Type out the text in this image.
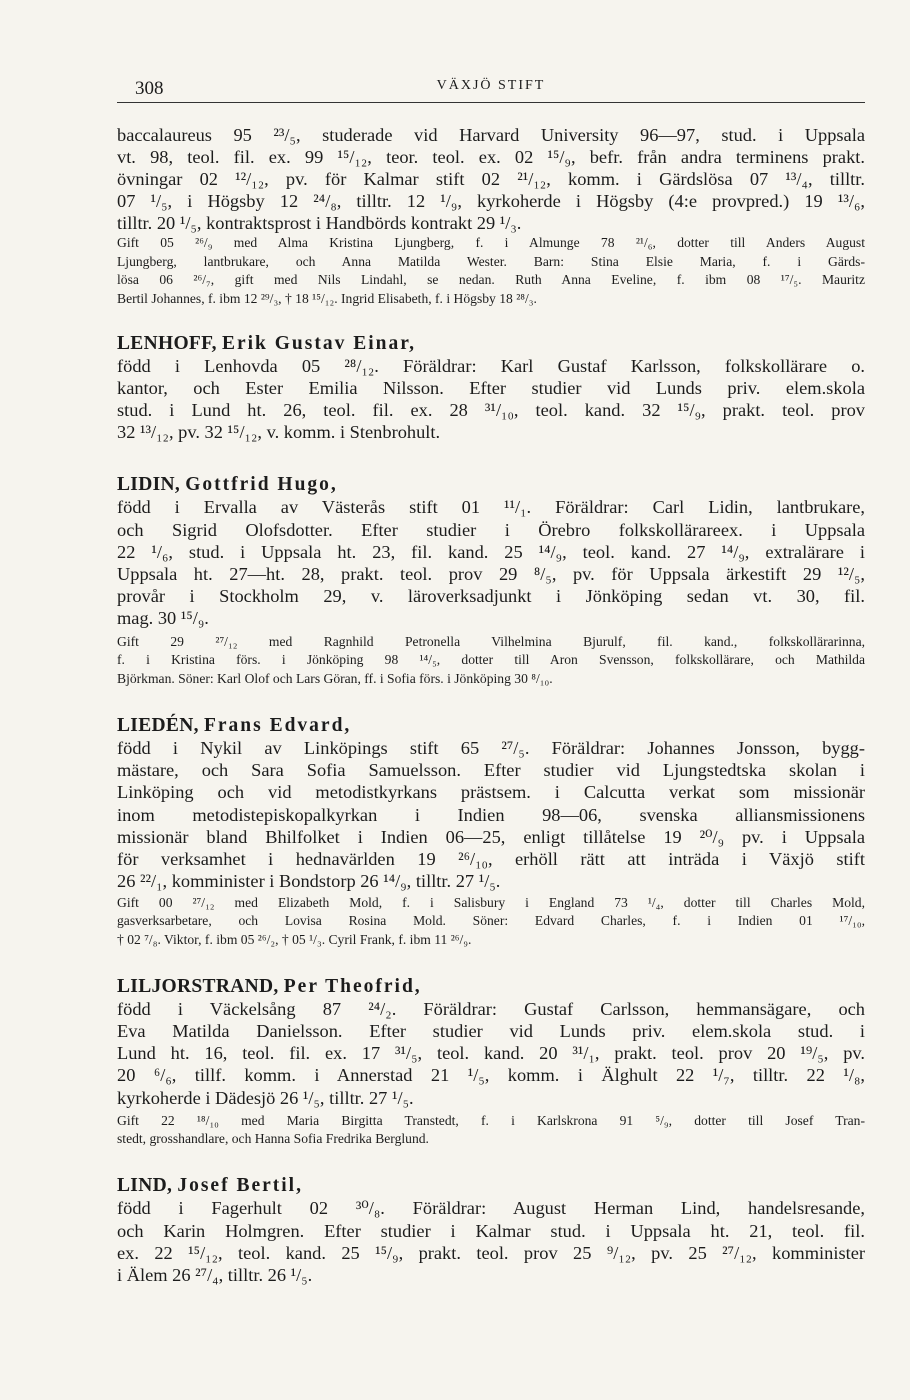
308	VÄXJÖ STIFT
baccalaureus 95 ²³/₅, studerade vid Harvard University 96—97, stud. i Uppsala
vt. 98, teol. fil. ex. 99 ¹⁵/₁₂, teor. teol. ex. 02 ¹⁵/₉, befr. från andra terminens prakt.
övningar 02 ¹²/₁₂, pv. för Kalmar stift 02 ²¹/₁₂, komm. i Gärdslösa 07 ¹³/₄, tilltr.
07 ¹/₅, i Högsby 12 ²⁴/₈, tilltr. 12 ¹/₉, kyrkoherde i Högsby (4:e provpred.) 19 ¹³/₆,
tilltr. 20 ¹/₅, kontraktsprost i Handbörds kontrakt 29 ¹/₃.
Gift 05 ²⁶/₉ med Alma Kristina Ljungberg, f. i Almunge 78 ²¹/₆, dotter till Anders August
Ljungberg, lantbrukare, och Anna Matilda Wester. Barn: Stina Elsie Maria, f. i Gärds-
lösa 06 ²⁶/₇, gift med Nils Lindahl, se nedan. Ruth Anna Eveline, f. ibm 08 ¹⁷/₅. Mauritz
Bertil Johannes, f. ibm 12 ²⁹/₃, † 18 ¹⁵/₁₂. Ingrid Elisabeth, f. i Högsby 18 ²⁸/₃.
LENHOFF, Erik Gustav Einar,
född i Lenhovda 05 ²⁸/₁₂. Föräldrar: Karl Gustaf Karlsson, folkskollärare o.
kantor, och Ester Emilia Nilsson. Efter studier vid Lunds priv. elem.skola
stud. i Lund ht. 26, teol. fil. ex. 28 ³¹/₁₀, teol. kand. 32 ¹⁵/₉, prakt. teol. prov
32 ¹³/₁₂, pv. 32 ¹⁵/₁₂, v. komm. i Stenbrohult.
LIDIN, Gottfrid Hugo,
född i Ervalla av Västerås stift 01 ¹¹/₁. Föräldrar: Carl Lidin, lantbrukare,
och Sigrid Olofsdotter. Efter studier i Örebro folkskollärareex. i Uppsala
22 ¹/₆, stud. i Uppsala ht. 23, fil. kand. 25 ¹⁴/₉, teol. kand. 27 ¹⁴/₉, extralärare i
Uppsala ht. 27—ht. 28, prakt. teol. prov 29 ⁸/₅, pv. för Uppsala ärkestift 29 ¹²/₅,
provår i Stockholm 29, v. läroverksadjunkt i Jönköping sedan vt. 30, fil.
mag. 30 ¹⁵/₉.
Gift 29 ²⁷/₁₂ med Ragnhild Petronella Vilhelmina Bjurulf, fil. kand., folkskollärarinna,
f. i Kristina förs. i Jönköping 98 ¹⁴/₅, dotter till Aron Svensson, folkskollärare, och Mathilda
Björkman. Söner: Karl Olof och Lars Göran, ff. i Sofia förs. i Jönköping 30 ⁸/₁₀.
LIEDÉN, Frans Edvard,
född i Nykil av Linköpings stift 65 ²⁷/₅. Föräldrar: Johannes Jonsson, bygg-
mästare, och Sara Sofia Samuelsson. Efter studier vid Ljungstedtska skolan i
Linköping och vid metodistkyrkans prästsem. i Calcutta verkat som missionär
inom metodistepiskopalkyrkan i Indien 98—06, svenska alliansmissionens
missionär bland Bhilfolket i Indien 06—25, enligt tillåtelse 19 ²⁰/₉ pv. i Uppsala
för verksamhet i hednavärlden 19 ²⁶/₁₀, erhöll rätt att inträda i Växjö stift
26 ²²/₁, komminister i Bondstorp 26 ¹⁴/₉, tilltr. 27 ¹/₅.
Gift 00 ²⁷/₁₂ med Elizabeth Mold, f. i Salisbury i England 73 ¹/₄, dotter till Charles Mold,
gasverksarbetare, och Lovisa Rosina Mold. Söner: Edvard Charles, f. i Indien 01 ¹⁷/₁₀,
† 02 ⁷/₈. Viktor, f. ibm 05 ²⁶/₂, † 05 ¹/₃. Cyril Frank, f. ibm 11 ²⁶/₉.
LILJORSTRAND, Per Theofrid,
född i Väckelsång 87 ²⁴/₂. Föräldrar: Gustaf Carlsson, hemmansägare, och
Eva Matilda Danielsson. Efter studier vid Lunds priv. elem.skola stud. i
Lund ht. 16, teol. fil. ex. 17 ³¹/₅, teol. kand. 20 ³¹/₁, prakt. teol. prov 20 ¹⁹/₅, pv.
20 ⁶/₆, tillf. komm. i Annerstad 21 ¹/₅, komm. i Älghult 22 ¹/₇, tilltr. 22 ¹/₈,
kyrkoherde i Dädesjö 26 ¹/₅, tilltr. 27 ¹/₅.
Gift 22 ¹⁸/₁₀ med Maria Birgitta Transtedt, f. i Karlskrona 91 ⁵/₉, dotter till Josef Tran-
stedt, grosshandlare, och Hanna Sofia Fredrika Berglund.
LIND, Josef Bertil,
född i Fagerhult 02 ³⁰/₈. Föräldrar: August Herman Lind, handelsresande,
och Karin Holmgren. Efter studier i Kalmar stud. i Uppsala ht. 21, teol. fil.
ex. 22 ¹⁵/₁₂, teol. kand. 25 ¹⁵/₉, prakt. teol. prov 25 ⁹/₁₂, pv. 25 ²⁷/₁₂, komminister
i Älem 26 ²⁷/₄, tilltr. 26 ¹/₅.
